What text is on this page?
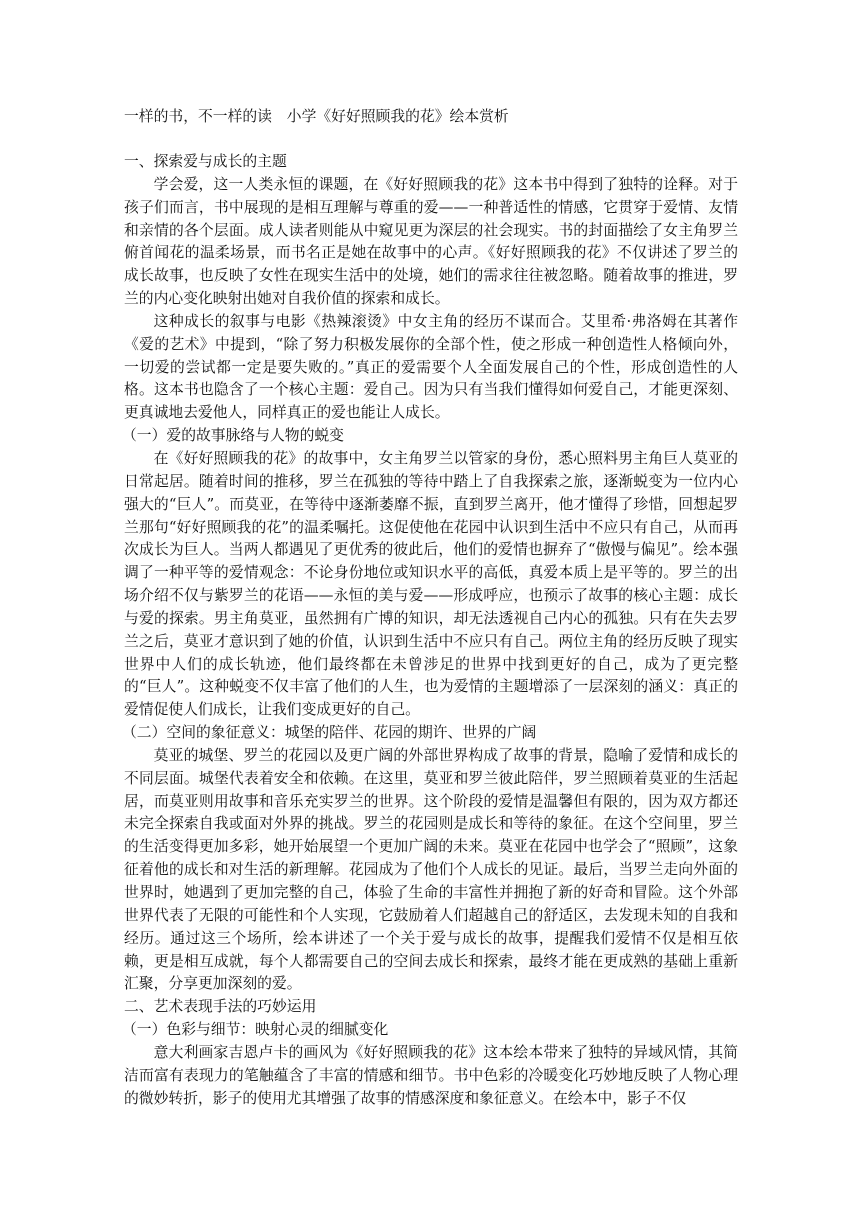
一样的书，不一样的读　小学《好好照顾我的花》绘本赏析

一、探索爱与成长的主题

学会爱，这一人类永恒的课题，在《好好照顾我的花》这本书中得到了独特的诠释。对于孩子们而言，书中展现的是相互理解与尊重的爱——一种普适性的情感，它贯穿于爱情、友情和亲情的各个层面。成人读者则能从中窥见更为深层的社会现实。书的封面描绘了女主角罗兰俯首闻花的温柔场景，而书名正是她在故事中的心声。《好好照顾我的花》不仅讲述了罗兰的成长故事，也反映了女性在现实生活中的处境，她们的需求往往被忽略。随着故事的推进，罗兰的内心变化映射出她对自我价值的探索和成长。

这种成长的叙事与电影《热辣滚烫》中女主角的经历不谋而合。艾里希·弗洛姆在其著作《爱的艺术》中提到，“除了努力积极发展你的全部个性，使之形成一种创造性人格倾向外，一切爱的尝试都一定是要失败的。”真正的爱需要个人全面发展自己的个性，形成创造性的人格。这本书也隐含了一个核心主题：爱自己。因为只有当我们懂得如何爱自己，才能更深刻、更真诚地去爱他人，同样真正的爱也能让人成长。

（一）爱的故事脉络与人物的蜕变

在《好好照顾我的花》的故事中，女主角罗兰以管家的身份，悉心照料男主角巨人莫亚的日常起居。随着时间的推移，罗兰在孤独的等待中踏上了自我探索之旅，逐渐蜕变为一位内心强大的“巨人”。而莫亚，在等待中逐渐萎靡不振，直到罗兰离开，他才懂得了珍惜，回想起罗兰那句“好好照顾我的花”的温柔嘱托。这促使他在花园中认识到生活中不应只有自己，从而再次成长为巨人。当两人都遇见了更优秀的彼此后，他们的爱情也摒弃了“傲慢与偏见”。绘本强调了一种平等的爱情观念：不论身份地位或知识水平的高低，真爱本质上是平等的。罗兰的出场介绍不仅与紫罗兰的花语——永恒的美与爱——形成呼应，也预示了故事的核心主题：成长与爱的探索。男主角莫亚，虽然拥有广博的知识，却无法透视自己内心的孤独。只有在失去罗兰之后，莫亚才意识到了她的价值，认识到生活中不应只有自己。两位主角的经历反映了现实世界中人们的成长轨迹，他们最终都在未曾涉足的世界中找到更好的自己，成为了更完整的“巨人”。这种蜕变不仅丰富了他们的人生，也为爱情的主题增添了一层深刻的涵义：真正的爱情促使人们成长，让我们变成更好的自己。

（二）空间的象征意义：城堡的陪伴、花园的期许、世界的广阔

莫亚的城堡、罗兰的花园以及更广阔的外部世界构成了故事的背景，隐喻了爱情和成长的不同层面。城堡代表着安全和依赖。在这里，莫亚和罗兰彼此陪伴，罗兰照顾着莫亚的生活起居，而莫亚则用故事和音乐充实罗兰的世界。这个阶段的爱情是温馨但有限的，因为双方都还未完全探索自我或面对外界的挑战。罗兰的花园则是成长和等待的象征。在这个空间里，罗兰的生活变得更加多彩，她开始展望一个更加广阔的未来。莫亚在花园中也学会了“照顾”，这象征着他的成长和对生活的新理解。花园成为了他们个人成长的见证。最后，当罗兰走向外面的世界时，她遇到了更加完整的自己，体验了生命的丰富性并拥抱了新的好奇和冒险。这个外部世界代表了无限的可能性和个人实现，它鼓励着人们超越自己的舒适区，去发现未知的自我和经历。通过这三个场所，绘本讲述了一个关于爱与成长的故事，提醒我们爱情不仅是相互依赖，更是相互成就，每个人都需要自己的空间去成长和探索，最终才能在更成熟的基础上重新汇聚，分享更加深刻的爱。

二、艺术表现手法的巧妙运用

（一）色彩与细节：映射心灵的细腻变化

意大利画家吉恩卢卡的画风为《好好照顾我的花》这本绘本带来了独特的异域风情，其简洁而富有表现力的笔触蕴含了丰富的情感和细节。书中色彩的冷暖变化巧妙地反映了人物心理的微妙转折，影子的使用尤其增强了故事的情感深度和象征意义。在绘本中，影子不仅
